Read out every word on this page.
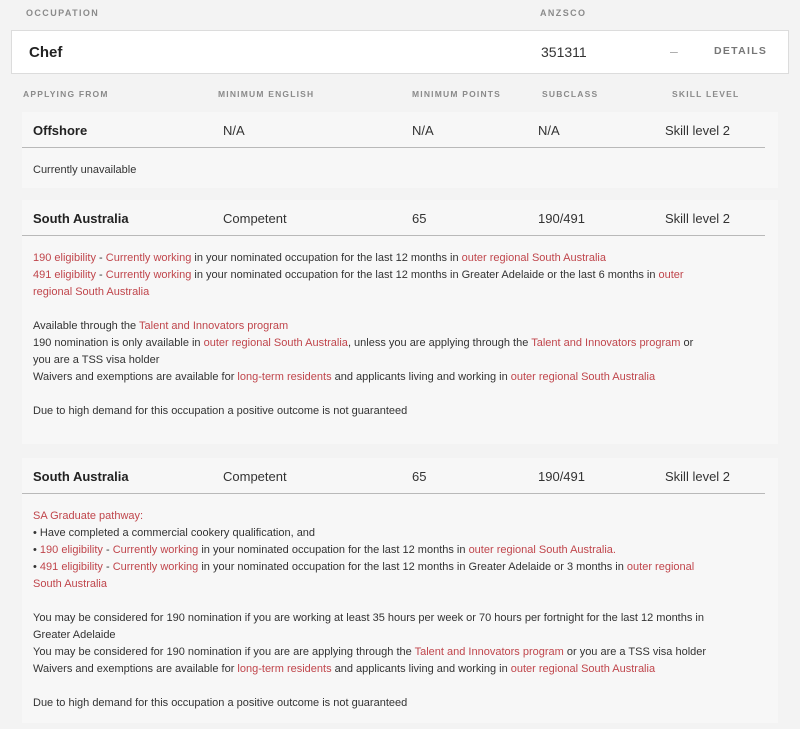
OCCUPATION	ANZSCO
Chef	351311	–	DETAILS
APPLYING FROM	MINIMUM ENGLISH	MINIMUM POINTS	SUBCLASS	SKILL LEVEL
Offshore	N/A	N/A	N/A	Skill level 2
Currently unavailable
South Australia	Competent	65	190/491	Skill level 2
190 eligibility - Currently working in your nominated occupation for the last 12 months in outer regional South Australia
491 eligibility - Currently working in your nominated occupation for the last 12 months in Greater Adelaide or the last 6 months in outer
regional South Australia
Available through the Talent and Innovators program
190 nomination is only available in outer regional South Australia, unless you are applying through the Talent and Innovators program or
you are a TSS visa holder
Waivers and exemptions are available for long-term residents and applicants living and working in outer regional South Australia
Due to high demand for this occupation a positive outcome is not guaranteed
South Australia	Competent	65	190/491	Skill level 2
SA Graduate pathway:
• Have completed a commercial cookery qualification, and
• 190 eligibility - Currently working in your nominated occupation for the last 12 months in outer regional South Australia.
• 491 eligibility - Currently working in your nominated occupation for the last 12 months in Greater Adelaide or 3 months in outer regional
South Australia
You may be considered for 190 nomination if you are working at least 35 hours per week or 70 hours per fortnight for the last 12 months in
Greater Adelaide
You may be considered for 190 nomination if you are are applying through the Talent and Innovators program or you are a TSS visa holder
Waivers and exemptions are available for long-term residents and applicants living and working in outer regional South Australia
Due to high demand for this occupation a positive outcome is not guaranteed
